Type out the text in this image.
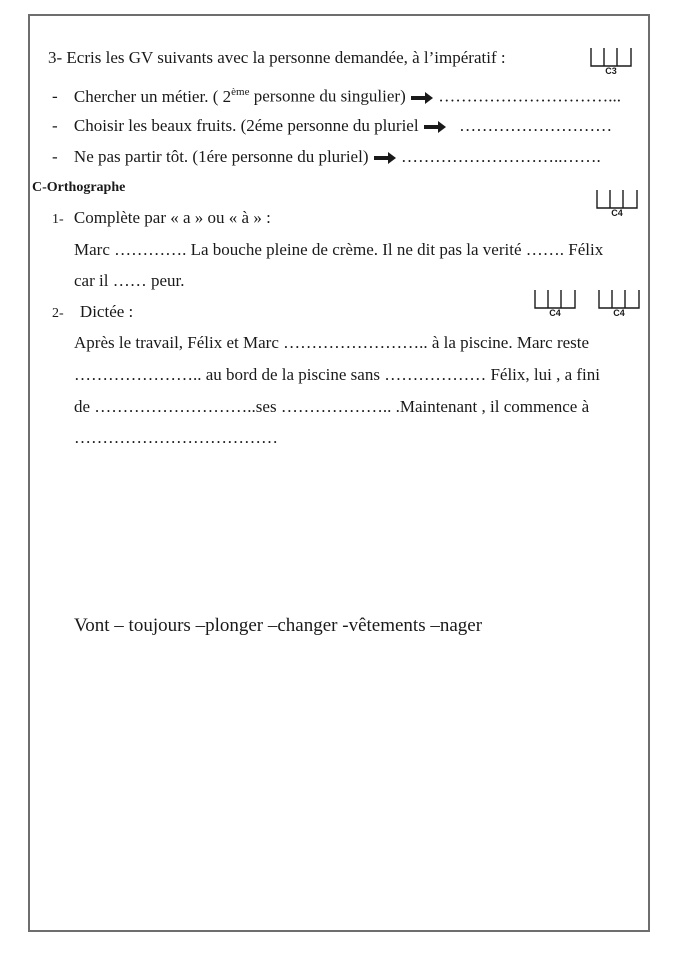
3- Ecris les GV suivants avec la personne demandée, à l’impératif :
C3
- Chercher un métier. ( 2ème personne du singulier) …………………………...
- Choisir les beaux fruits. (2éme personne du pluriel ………………………
- Ne pas partir tôt. (1ére personne du pluriel) ………………………..…….
C-Orthographe
1- Complète par « a » ou « à » :	C4
Marc …………. La bouche pleine de crème. Il ne dit pas la verité ……. Félix
car il …… peur.
2- Dictée :	C4	C4
Après le travail, Félix et Marc …………………….. à la piscine. Marc reste
………………….. au bord de la piscine sans ……………… Félix, lui , a fini
de ………………………..ses ……………….. .Maintenant , il commence à
………………………………
Vont – toujours –plonger –changer -vêtements –nager
